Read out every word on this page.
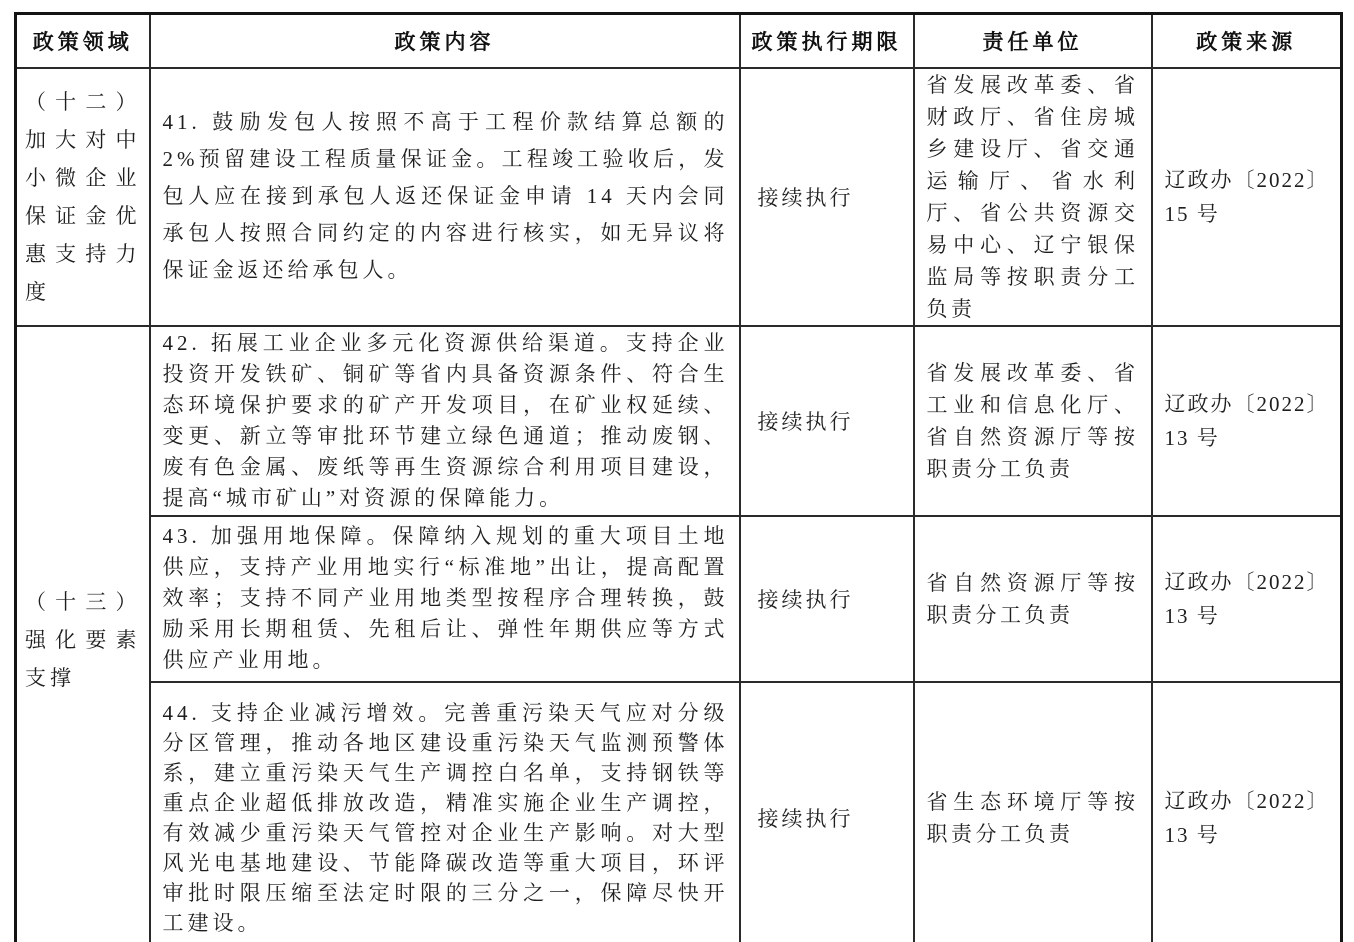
政策领域	政策内容	政策执行期限	责任单位	政策来源
（十二）加大对中小微企业保证金优惠支持力度	41. 鼓励发包人按照不高于工程价款结算总额的 2%预留建设工程质量保证金。工程竣工验收后，发包人应在接到承包人返还保证金申请 14 天内会同承包人按照合同约定的内容进行核实，如无异议将保证金返还给承包人。	接续执行	省发展改革委、省财政厅、省住房城乡建设厅、省交通运输厅、省水利厅、省公共资源交易中心、辽宁银保监局等按职责分工负责	辽政办〔2022〕15 号
（十三）强化要素支撑	42. 拓展工业企业多元化资源供给渠道。支持企业投资开发铁矿、铜矿等省内具备资源条件、符合生态环境保护要求的矿产开发项目，在矿业权延续、变更、新立等审批环节建立绿色通道；推动废钢、废有色金属、废纸等再生资源综合利用项目建设，提高“城市矿山”对资源的保障能力。	接续执行	省发展改革委、省工业和信息化厅、省自然资源厅等按职责分工负责	辽政办〔2022〕13 号
	43. 加强用地保障。保障纳入规划的重大项目土地供应，支持产业用地实行“标准地”出让，提高配置效率；支持不同产业用地类型按程序合理转换，鼓励采用长期租赁、先租后让、弹性年期供应等方式供应产业用地。	接续执行	省自然资源厅等按职责分工负责	辽政办〔2022〕13 号
	44. 支持企业减污增效。完善重污染天气应对分级分区管理，推动各地区建设重污染天气监测预警体系，建立重污染天气生产调控白名单，支持钢铁等重点企业超低排放改造，精准实施企业生产调控，有效减少重污染天气管控对企业生产影响。对大型风光电基地建设、节能降碳改造等重大项目，环评审批时限压缩至法定时限的三分之一，保障尽快开工建设。	接续执行	省生态环境厅等按职责分工负责	辽政办〔2022〕13 号
